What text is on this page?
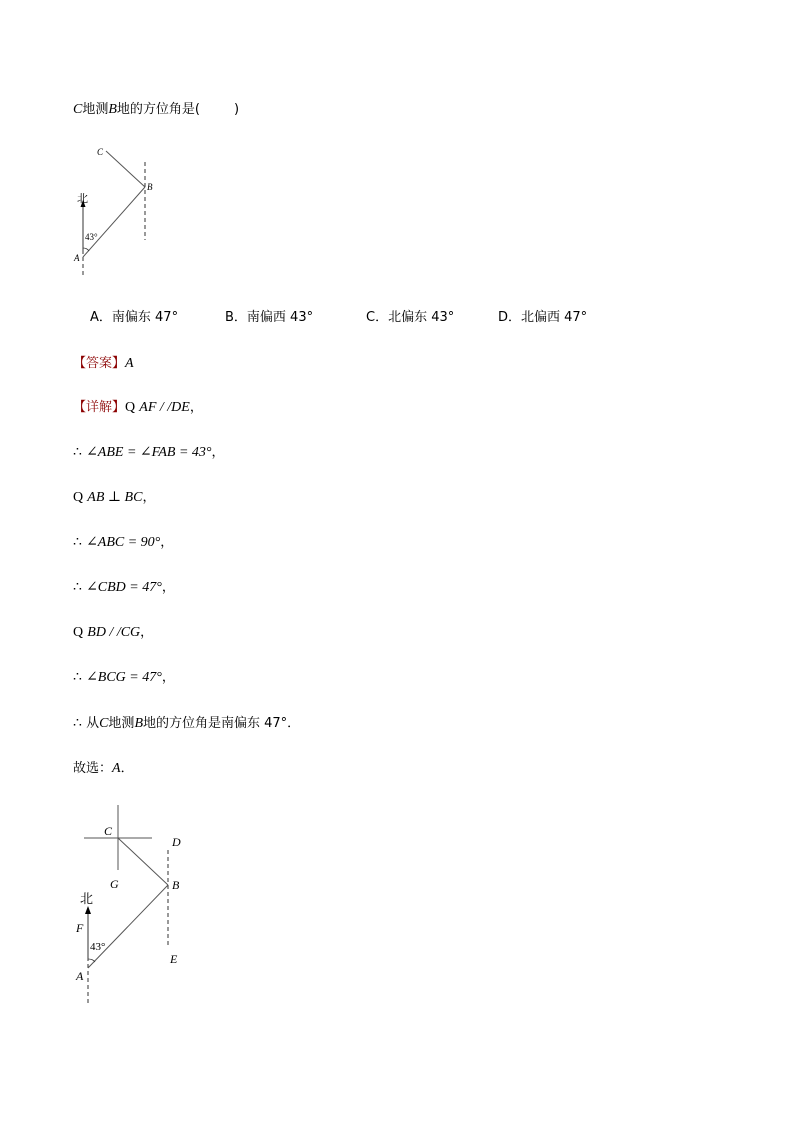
C地测B地的方位角是(	)
北
43°
A
B
C
A．南偏东 47°	B．南偏西 43°	C．北偏东 43°	D．北偏西 47°
【答案】A
【详解】Q AF / /DE，
∴ ∠ABE = ∠FAB = 43°，
Q AB ⊥ BC，
∴ ∠ABC = 90°，
∴ ∠CBD = 47°，
Q BD / /CG，
∴ ∠BCG = 47°，
∴ 从C地测B地的方位角是南偏东 47°．
故选：A．
C
D
G	B
北
F
43°
A
E
